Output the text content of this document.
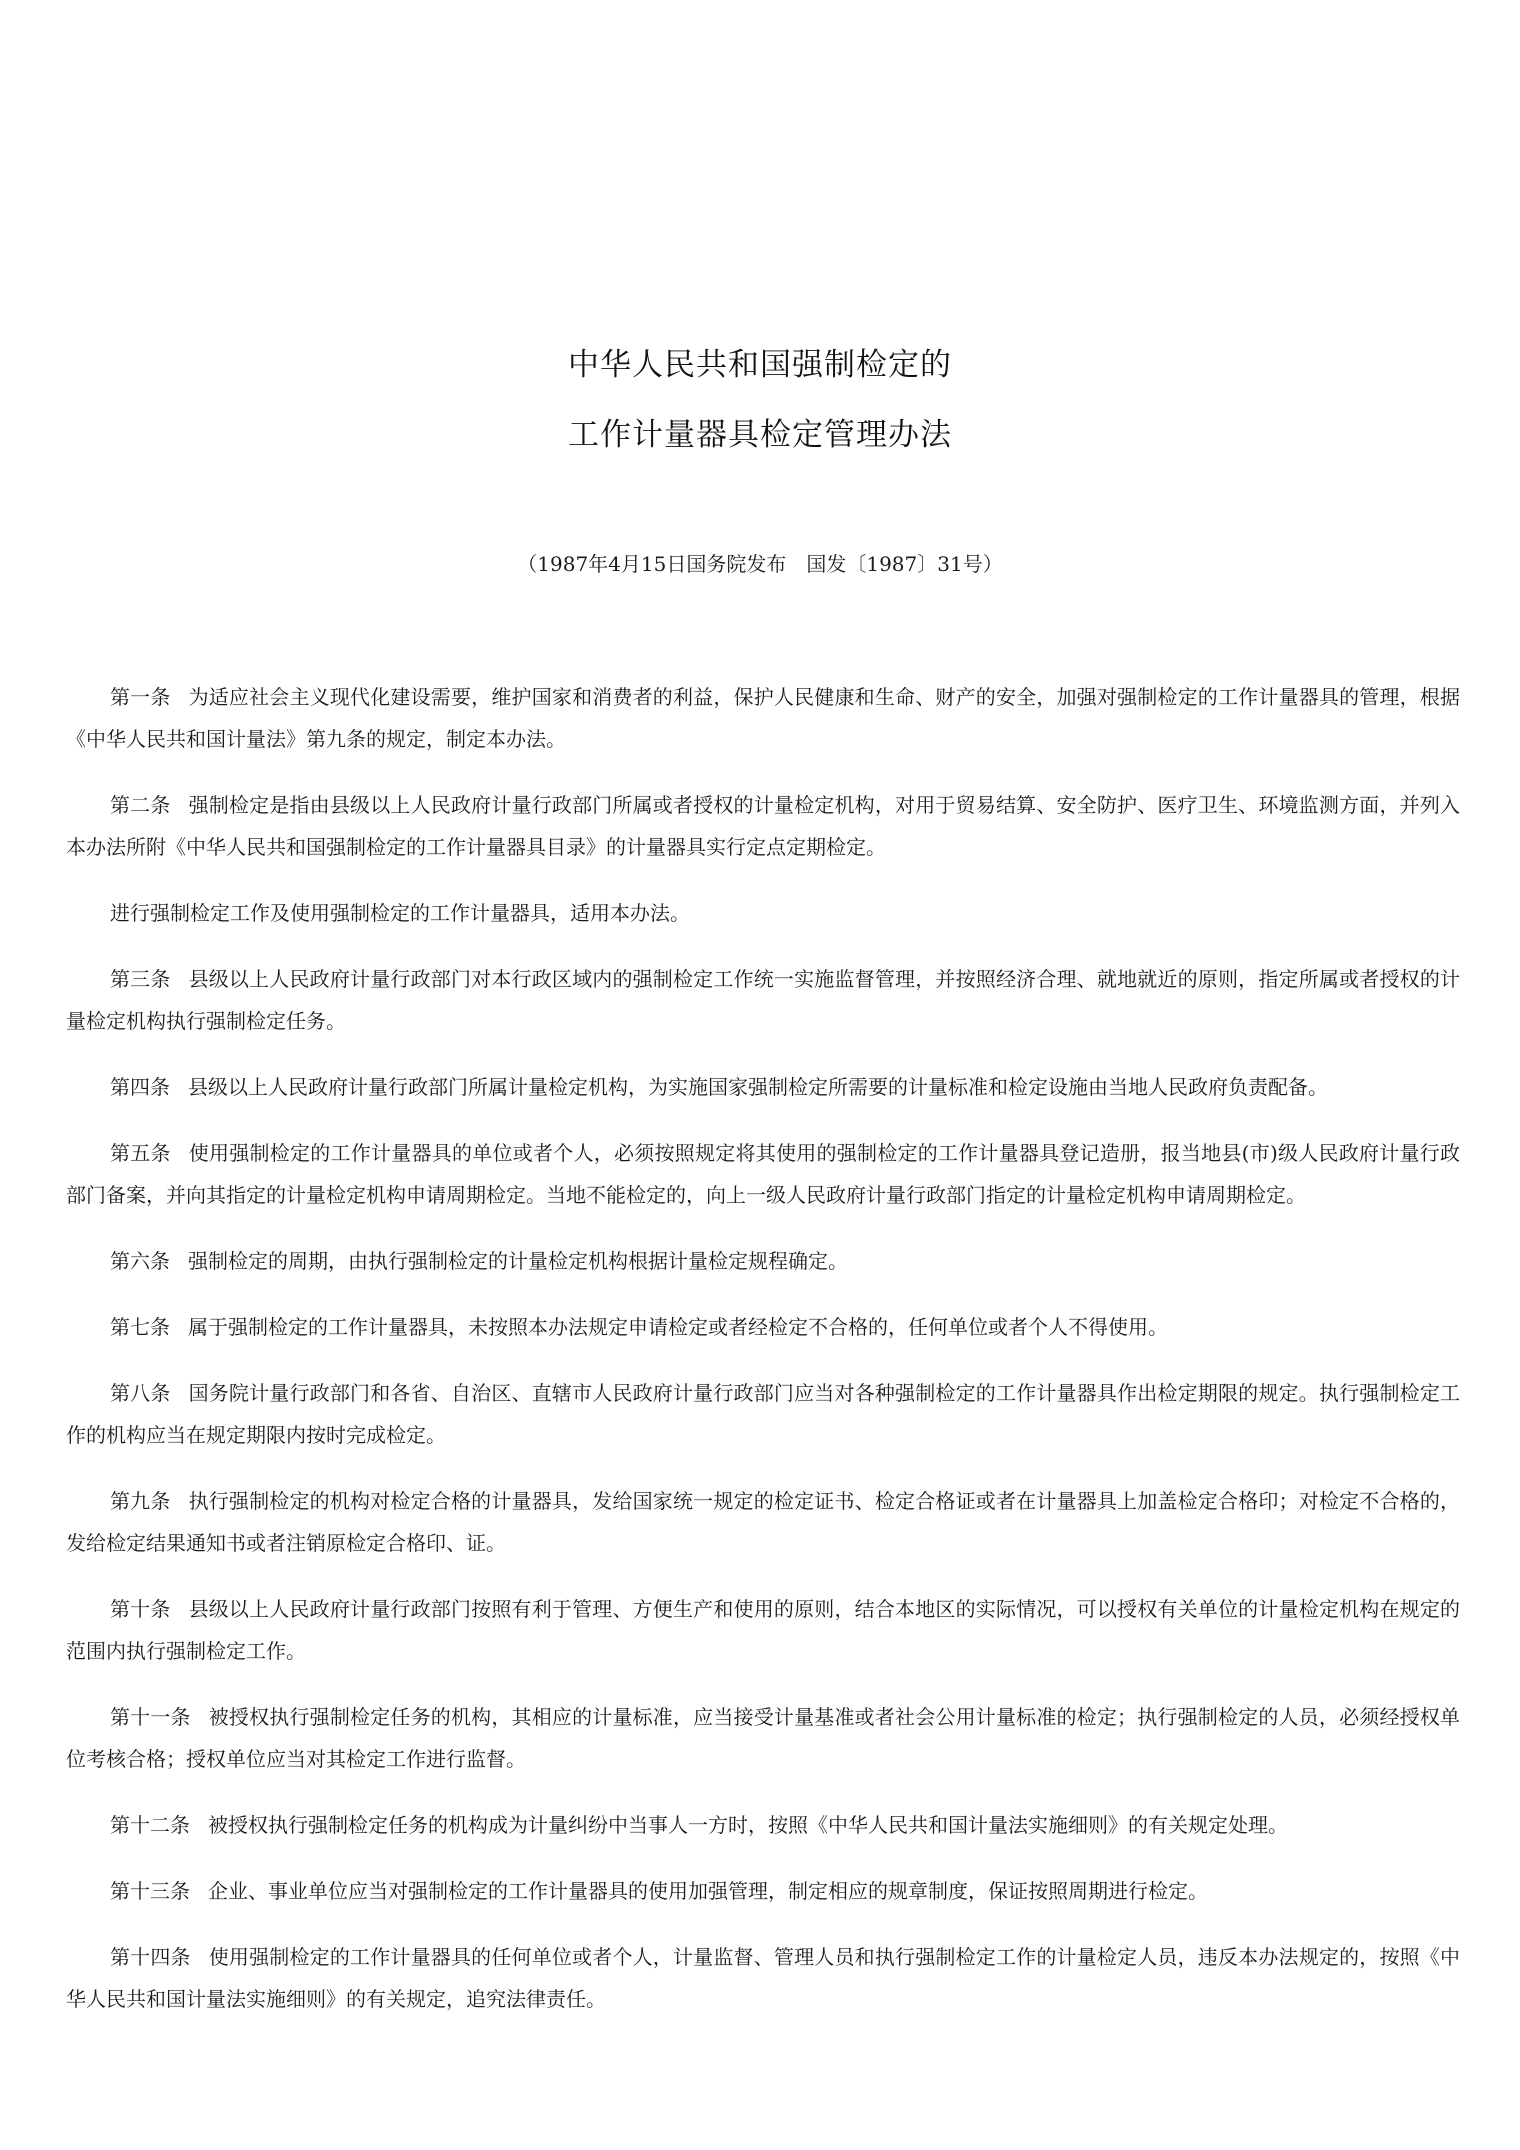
中华人民共和国强制检定的
工作计量器具检定管理办法
（1987年4月15日国务院发布　国发〔1987〕31号）

第一条 为适应社会主义现代化建设需要，维护国家和消费者的利益，保护人民健康和生命、财产的安全，加强对强制检定的工作计量器具的管理，根据《中华人民共和国计量法》第九条的规定，制定本办法。

第二条 强制检定是指由县级以上人民政府计量行政部门所属或者授权的计量检定机构，对用于贸易结算、安全防护、医疗卫生、环境监测方面，并列入本办法所附《中华人民共和国强制检定的工作计量器具目录》的计量器具实行定点定期检定。

进行强制检定工作及使用强制检定的工作计量器具，适用本办法。

第三条 县级以上人民政府计量行政部门对本行政区域内的强制检定工作统一实施监督管理，并按照经济合理、就地就近的原则，指定所属或者授权的计量检定机构执行强制检定任务。

第四条 县级以上人民政府计量行政部门所属计量检定机构，为实施国家强制检定所需要的计量标准和检定设施由当地人民政府负责配备。

第五条 使用强制检定的工作计量器具的单位或者个人，必须按照规定将其使用的强制检定的工作计量器具登记造册，报当地县(市)级人民政府计量行政部门备案，并向其指定的计量检定机构申请周期检定。当地不能检定的，向上一级人民政府计量行政部门指定的计量检定机构申请周期检定。

第六条 强制检定的周期，由执行强制检定的计量检定机构根据计量检定规程确定。

第七条 属于强制检定的工作计量器具，未按照本办法规定申请检定或者经检定不合格的，任何单位或者个人不得使用。

第八条 国务院计量行政部门和各省、自治区、直辖市人民政府计量行政部门应当对各种强制检定的工作计量器具作出检定期限的规定。执行强制检定工作的机构应当在规定期限内按时完成检定。

第九条 执行强制检定的机构对检定合格的计量器具，发给国家统一规定的检定证书、检定合格证或者在计量器具上加盖检定合格印；对检定不合格的，发给检定结果通知书或者注销原检定合格印、证。

第十条 县级以上人民政府计量行政部门按照有利于管理、方便生产和使用的原则，结合本地区的实际情况，可以授权有关单位的计量检定机构在规定的范围内执行强制检定工作。

第十一条 被授权执行强制检定任务的机构，其相应的计量标准，应当接受计量基准或者社会公用计量标准的检定；执行强制检定的人员，必须经授权单位考核合格；授权单位应当对其检定工作进行监督。

第十二条 被授权执行强制检定任务的机构成为计量纠纷中当事人一方时，按照《中华人民共和国计量法实施细则》的有关规定处理。

第十三条 企业、事业单位应当对强制检定的工作计量器具的使用加强管理，制定相应的规章制度，保证按照周期进行检定。

第十四条 使用强制检定的工作计量器具的任何单位或者个人，计量监督、管理人员和执行强制检定工作的计量检定人员，违反本办法规定的，按照《中华人民共和国计量法实施细则》的有关规定，追究法律责任。
